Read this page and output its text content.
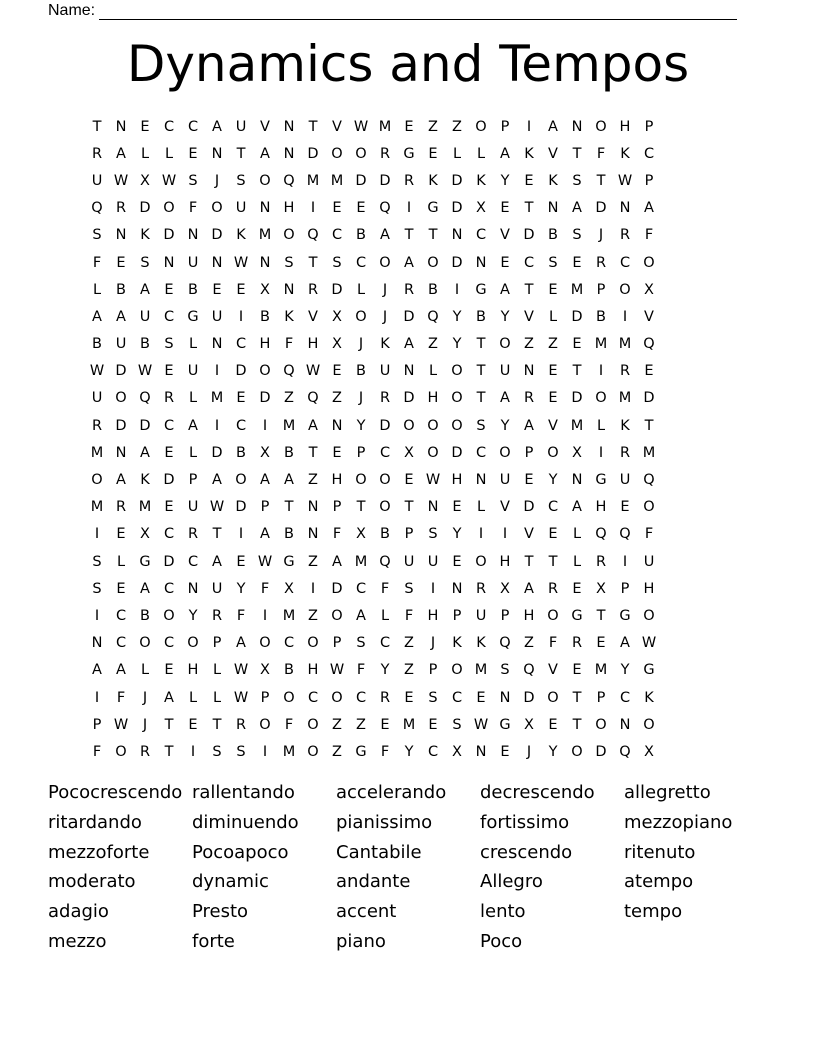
Name:
Dynamics and Tempos
T N E C C A U V N T	V W M E Z Z O P	I	A N O H P
R A	L	L	E N T	A N D O O R G E	L	L	A K V	T	F	K C
U W X W S	J	S O Q M M D D R K D K	Y	E	K	S	T W P
Q R D O F O U N H	I	E	E Q	I	G D X E	T N A D N A
S N K D N D K M O Q C B A	T	T N C V D B S	J	R	F
F	E	S N U N W N S	T	S C O A O D N E C S	E R C O
L	B A E B E	E X N R D L	J	R B	I	G A	T	E M P O X
A A U C G U	I	B K V X O	J	D Q Y	B	Y	V	L D B	I	V
B U B S	L	N C H F H X	J	K A Z	Y	T O Z Z E M M Q
W D W E U	I	D O Q W E B U N	L O T U N E	T	I	R E
U O Q R	L M E D Z Q Z	J	R D H O T	A R E D O M D
R D D C A	I	C	I	M A N Y D O O O S	Y	A V M L	K	T
M N A E	L D B X B	T	E	P	C X O D C O P O X	I	R M
O A K D P	A O A A Z H O O E W H N U E	Y N G U Q
M R M E U W D P	T N P	T O T N E	L	V D C A H E O
I	E X C R	T	I	A B N F	X B	P	S	Y	I	I	V E	L Q Q F
S	L G D C A E W G Z A M Q U U E O H T	T	L	R	I	U
S	E A C N U Y	F	X	I	D C	F	S	I	N R X A R E X	P H
I	C B O Y	R	F	I	M Z O A	L	F H P U P H O G T G O
N C O C O P	A O C O P	S C Z	J	K K Q Z	F	R E A W
A A	L	E H	L W X B H W F	Y	Z	P O M S Q V E M Y G
I	F	J	A	L	L W P O C O C R E	S C E N D O T	P	C K
P W	J	T	E	T	R O F O Z Z E M E	S W G X E	T O N O
F O R	T	I	S	S	I	M O Z G F	Y	C X N E	J	Y O D Q X
Pococrescendo rallentando	accelerando	decrescendo	allegretto
ritardando	diminuendo	pianissimo	fortissimo	mezzopiano
mezzoforte	Pocoapoco	Cantabile	crescendo	ritenuto
moderato	dynamic	andante	Allegro	atempo
adagio	Presto	accent	lento	tempo
mezzo	forte	piano	Poco
